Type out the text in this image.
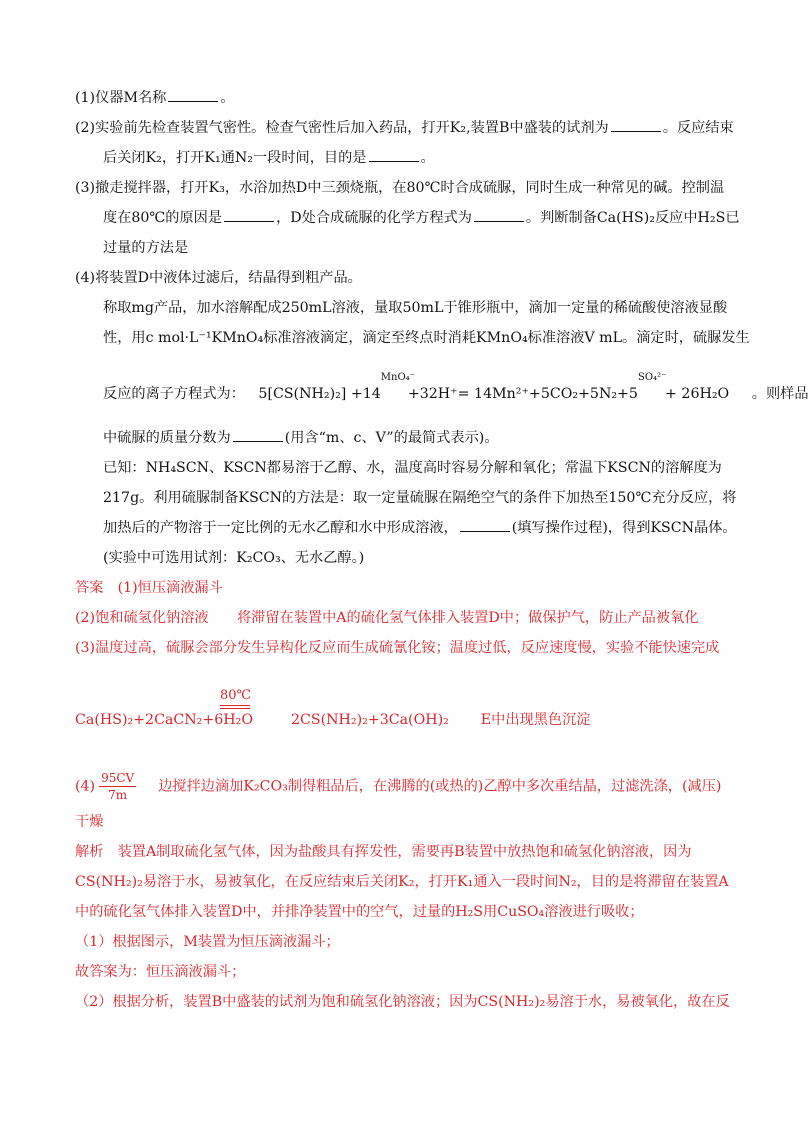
(1)仪器M名称	。
(2)实验前先检查装置气密性。检查气密性后加入药品，打开K₂,装置B中盛装的试剂为	。反应结束
后关闭K₂，打开K₁通N₂一段时间，目的是	。
(3)撤走搅拌器，打开K₃，水浴加热D中三颈烧瓶，在80℃时合成硫脲，同时生成一种常见的碱。控制温
度在80℃的原因是	，D处合成硫脲的化学方程式为	。判断制备Ca(HS)₂反应中H₂S已
过量的方法是
(4)将装置D中液体过滤后，结晶得到粗产品。
称取mg产品，加水溶解配成250mL溶液，量取50mL于锥形瓶中，滴加一定量的稀硫酸使溶液显酸
性，用c mol·L⁻¹KMnO₄标准溶液滴定，滴定至终点时消耗KMnO₄标准溶液V mL。滴定时，硫脲发生
反应的离子方程式为： 5[CS(NH₂)₂] +14
MnO₄⁻
+32H⁺= 14Mn²⁺+5CO₂+5N₂+5
SO₄²⁻
+ 26H₂O 。则样品
中硫脲的质量分数为	(用含“m、c、V”的最简式表示)。
已知：NH₄SCN、KSCN都易溶于乙醇、水，温度高时容易分解和氧化；常温下KSCN的溶解度为
217g。利用硫脲制备KSCN的方法是：取一定量硫脲在隔绝空气的条件下加热至150℃充分反应，将
加热后的产物溶于一定比例的无水乙醇和水中形成溶液，	(填写操作过程)，得到KSCN晶体。
(实验中可选用试剂：K₂CO₃、无水乙醇。)
答案　(1)恒压滴液漏斗
(2)饱和硫氢化钠溶液　　将滞留在装置中A的硫化氢气体排入装置D中；做保护气，防止产品被氧化
(3)温度过高，硫脲会部分发生异构化反应而生成硫氰化铵；温度过低，反应速度慢，实验不能快速完成
80℃
Ca(HS)₂+2CaCN₂+6H₂O	2CS(NH₂)₂+3Ca(OH)₂ E中出现黑色沉淀
$(4) \frac{95CV}{7m}$ 边搅拌边滴加K₂CO₃制得粗品后，在沸腾的(或热的)乙醇中多次重结晶，过滤洗涤，(减压)
干燥
解析　装置A制取硫化氢气体，因为盐酸具有挥发性，需要再B装置中放热饱和硫氢化钠溶液，因为
CS(NH₂)₂易溶于水，易被氧化，在反应结束后关闭K₂，打开K₁通入一段时间N₂，目的是将滞留在装置A
中的硫化氢气体排入装置D中，并排净装置中的空气，过量的H₂S用CuSO₄溶液进行吸收；
（1）根据图示，M装置为恒压滴液漏斗；
故答案为：恒压滴液漏斗；
（2）根据分析，装置B中盛装的试剂为饱和硫氢化钠溶液；因为CS(NH₂)₂易溶于水，易被氧化，故在反
